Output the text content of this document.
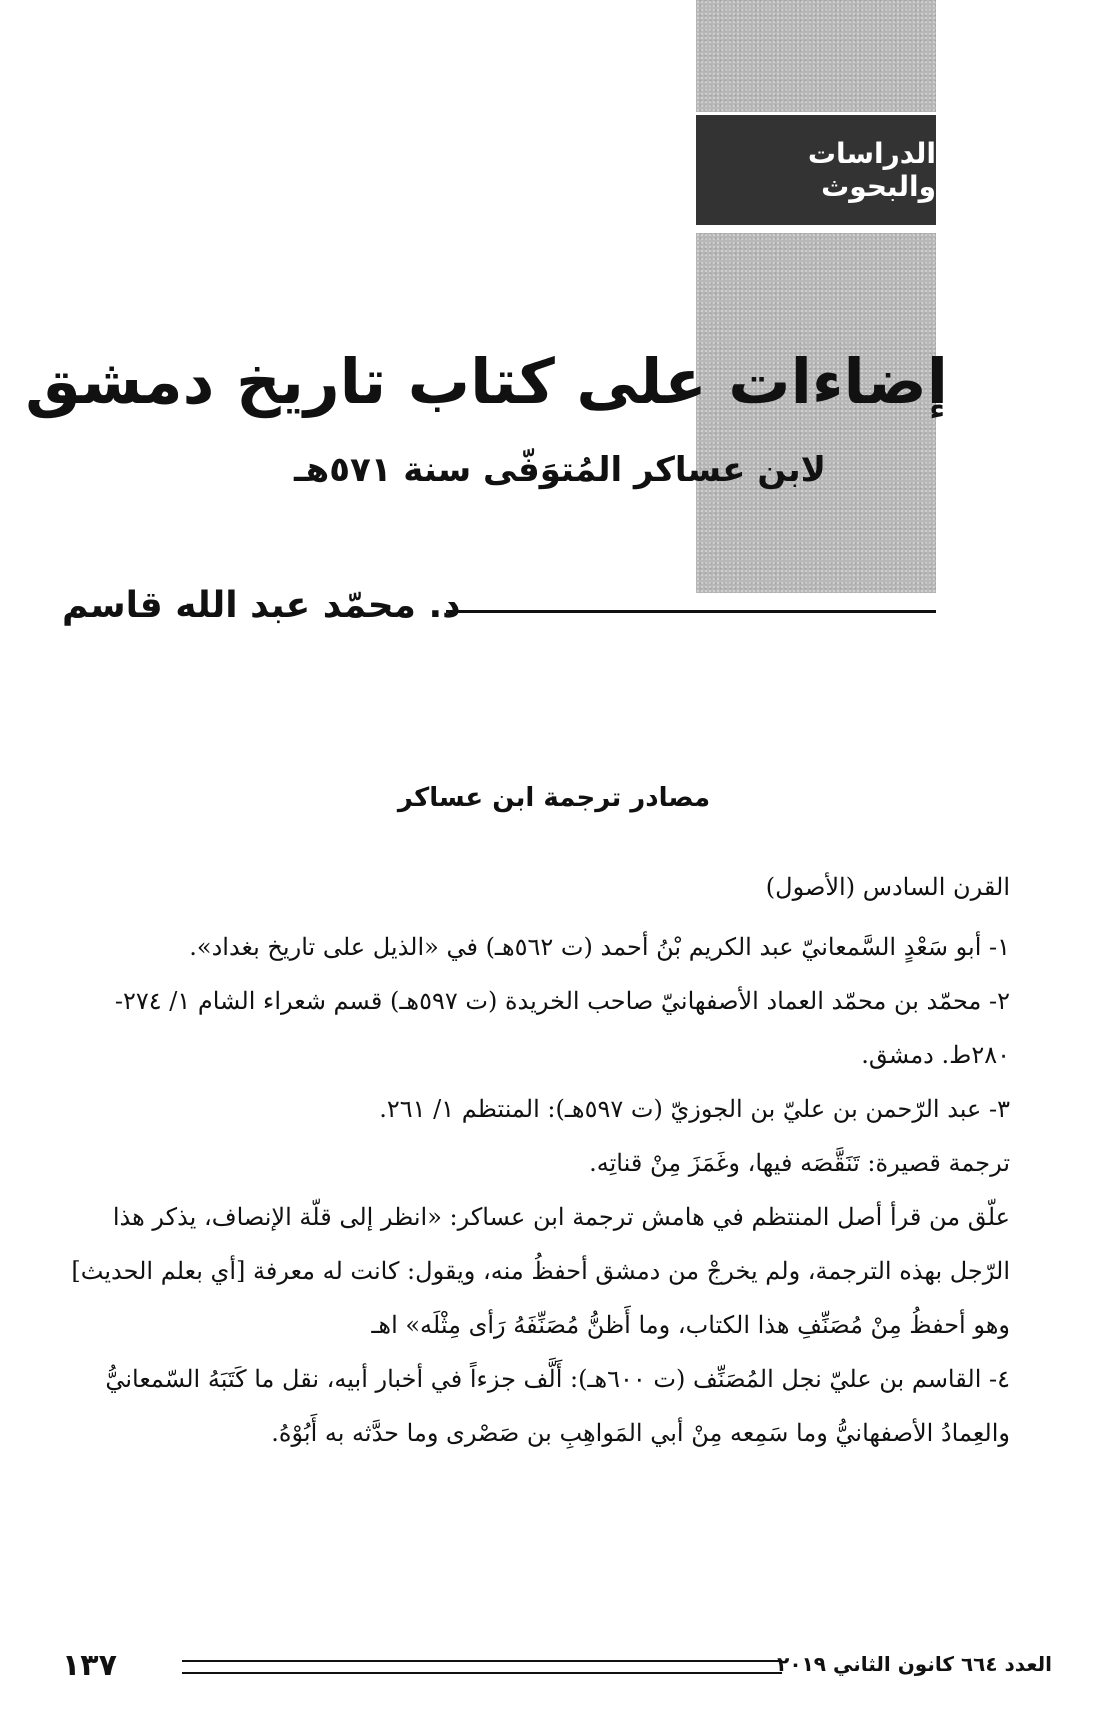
الدراسات والبحوث
إضاءات على كتاب تاريخ دمشق
لابن عساكر المُتوَفّى سنة ٥٧١هـ
د. محمّد عبد الله قاسم
مصادر ترجمة ابن عساكر

القرن السادس (الأصول)

١- أبو سَعْدٍ السَّمعانيّ عبد الكريم بْنُ أحمد (ت ٥٦٢هـ) في «الذيل على تاريخ بغداد».

٢- محمّد بن محمّد العماد الأصفهانيّ صاحب الخريدة (ت ٥٩٧هـ) قسم شعراء الشام ١/ ٢٧٤- ٢٨٠ط. دمشق.

٣- عبد الرّحمن بن عليّ بن الجوزيّ (ت ٥٩٧هـ): المنتظم ١/ ٢٦١.

ترجمة قصيرة: تَنَقَّصَه فيها، وغَمَزَ مِنْ قناتِه.

علّق من قرأ أصل المنتظم في هامش ترجمة ابن عساكر: «انظر إلى قلّة الإنصاف، يذكر هذا الرّجل بهذه الترجمة، ولم يخرجْ من دمشق أحفظُ منه، ويقول: كانت له معرفة [أي بعلم الحديث] وهو أحفظُ مِنْ مُصَنِّفِ هذا الكتاب، وما أَظنُّ مُصَنِّفَهُ رَأى مِثْلَه» اهـ

٤- القاسم بن عليّ نجل المُصَنِّف (ت ٦٠٠هـ): أَلَّف جزءاً في أخبار أبيه، نقل ما كَتَبَهُ السّمعانيُّ والعِمادُ الأصفهانيُّ وما سَمِعه مِنْ أبي المَواهِبِ بن صَصْرى وما حدَّثه به أَبُوْهُ.

١٣٧	العدد ٦٦٤ كانون الثاني ٢٠١٩
